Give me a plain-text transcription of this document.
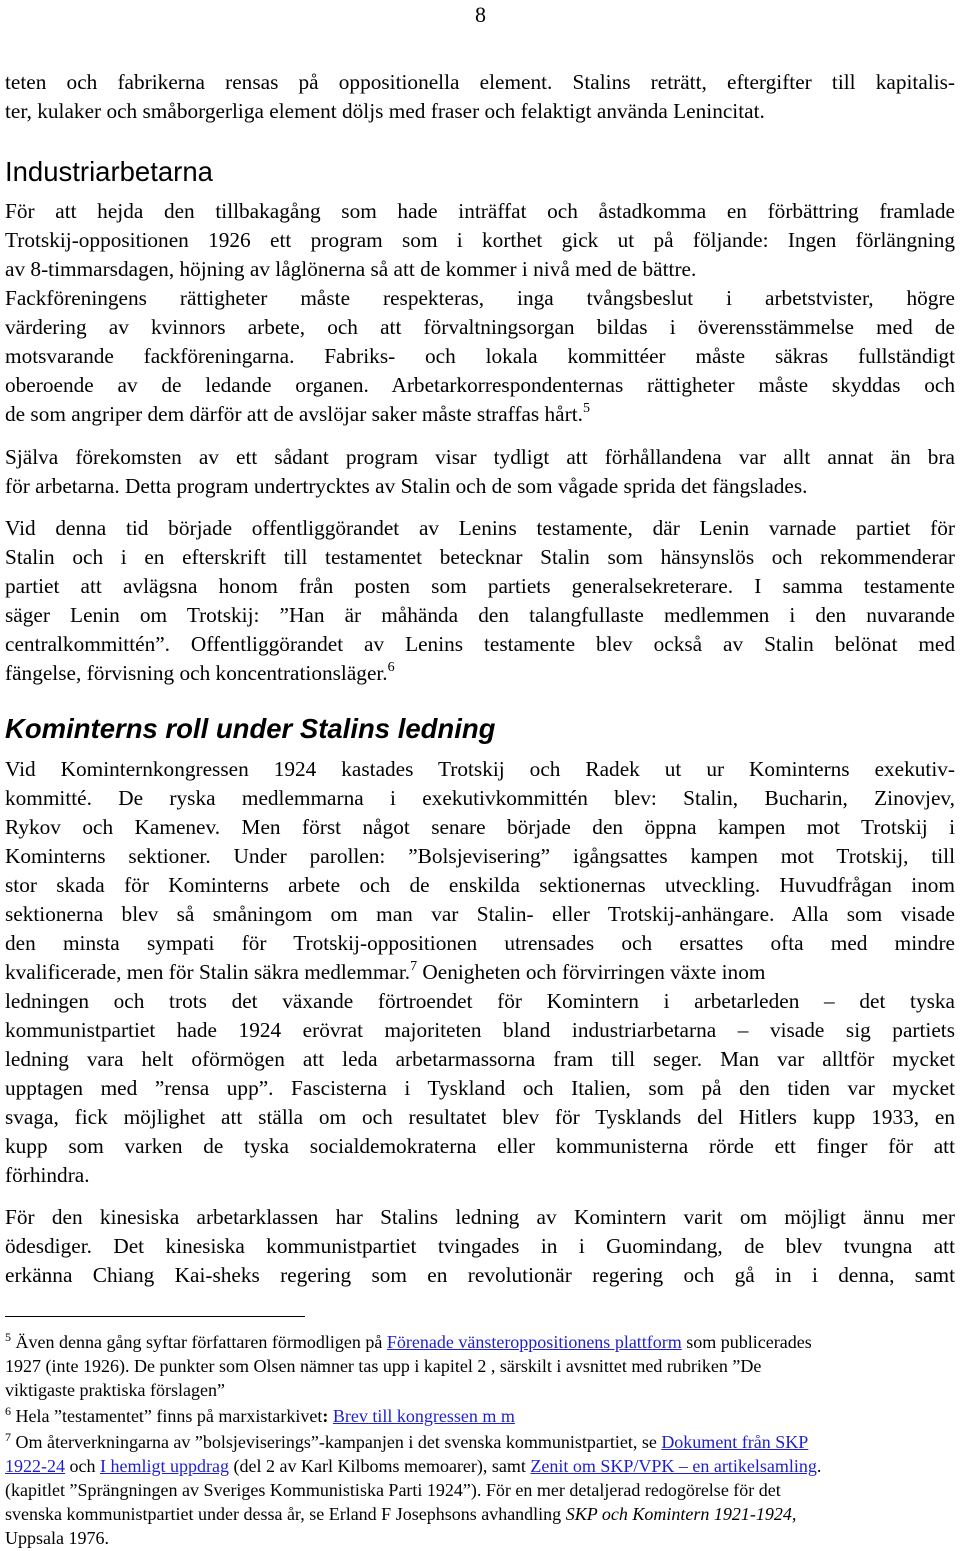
8
teten och fabrikerna rensas på oppositionella element. Stalins reträtt, eftergifter till kapitalis-
ter, kulaker och småborgerliga element döljs med fraser och felaktigt använda Lenincitat.
Industriarbetarna
För att hejda den tillbakagång som hade inträffat och åstadkomma en förbättring framlade
Trotskij-oppositionen 1926 ett program som i korthet gick ut på följande: Ingen förlängning
av 8-timmarsdagen, höjning av låglönerna så att de kommer i nivå med de bättre.
Fackföreningens rättigheter måste respekteras, inga tvångsbeslut i arbetstvister, högre
värdering av kvinnors arbete, och att förvaltningsorgan bildas i överensstämmelse med de
motsvarande fackföreningarna. Fabriks- och lokala kommittéer måste säkras fullständigt
oberoende av de ledande organen. Arbetarkorrespondenternas rättigheter måste skyddas och
de som angriper dem därför att de avslöjar saker måste straffas hårt.$^5$
Själva förekomsten av ett sådant program visar tydligt att förhållandena var allt annat än bra
för arbetarna. Detta program undertrycktes av Stalin och de som vågade sprida det fängslades.
Vid denna tid började offentliggörandet av Lenins testamente, där Lenin varnade partiet för
Stalin och i en efterskrift till testamentet betecknar Stalin som hänsynslös och rekommenderar
partiet att avlägsna honom från posten som partiets generalsekreterare. I samma testamente
säger Lenin om Trotskij: ”Han är måhända den talangfullaste medlemmen i den nuvarande
centralkommittén”. Offentliggörandet av Lenins testamente blev också av Stalin belönat med
fängelse, förvisning och koncentrationsläger.$^6$
Kominterns roll under Stalins ledning
Vid Kominternkongressen 1924 kastades Trotskij och Radek ut ur Kominterns exekutiv-
kommitté. De ryska medlemmarna i exekutivkommittén blev: Stalin, Bucharin, Zinovjev,
Rykov och Kamenev. Men först något senare började den öppna kampen mot Trotskij i
Kominterns sektioner. Under parollen: ”Bolsjevisering” igångsattes kampen mot Trotskij, till
stor skada för Kominterns arbete och de enskilda sektionernas utveckling. Huvudfrågan inom
sektionerna blev så småningom om man var Stalin- eller Trotskij-anhängare. Alla som visade
den minsta sympati för Trotskij-oppositionen utrensades och ersattes ofta med mindre
kvalificerade, men för Stalin säkra medlemmar.$^7$ Oenigheten och förvirringen växte inom
ledningen och trots det växande förtroendet för Komintern i arbetarleden – det tyska
kommunistpartiet hade 1924 erövrat majoriteten bland industriarbetarna – visade sig partiets
ledning vara helt oförmögen att leda arbetarmassorna fram till seger. Man var alltför mycket
upptagen med ”rensa upp”. Fascisterna i Tyskland och Italien, som på den tiden var mycket
svaga, fick möjlighet att ställa om och resultatet blev för Tysklands del Hitlers kupp 1933, en
kupp som varken de tyska socialdemokraterna eller kommunisterna rörde ett finger för att
förhindra.
För den kinesiska arbetarklassen har Stalins ledning av Komintern varit om möjligt ännu mer
ödesdiger. Det kinesiska kommunistpartiet tvingades in i Guomindang, de blev tvungna att
erkänna Chiang Kai-sheks regering som en revolutionär regering och gå in i denna, samt
$^5$ Även denna gång syftar författaren förmodligen på Förenade vänsteroppositionens plattform som publicerades
1927 (inte 1926). De punkter som Olsen nämner tas upp i kapitel 2 , särskilt i avsnittet med rubriken ”De
viktigaste praktiska förslagen”
$^6$ Hela ”testamentet” finns på marxistarkivet: Brev till kongressen m m
$^7$ Om återverkningarna av ”bolsjeviserings”-kampanjen i det svenska kommunistpartiet, se Dokument från SKP
1922-24 och I hemligt uppdrag (del 2 av Karl Kilboms memoarer), samt Zenit om SKP/VPK – en artikelsamling.
(kapitlet ”Sprängningen av Sveriges Kommunistiska Parti 1924”). För en mer detaljerad redogörelse för det
svenska kommunistpartiet under dessa år, se Erland F Josephsons avhandling SKP och Komintern 1921-1924,
Uppsala 1976.
